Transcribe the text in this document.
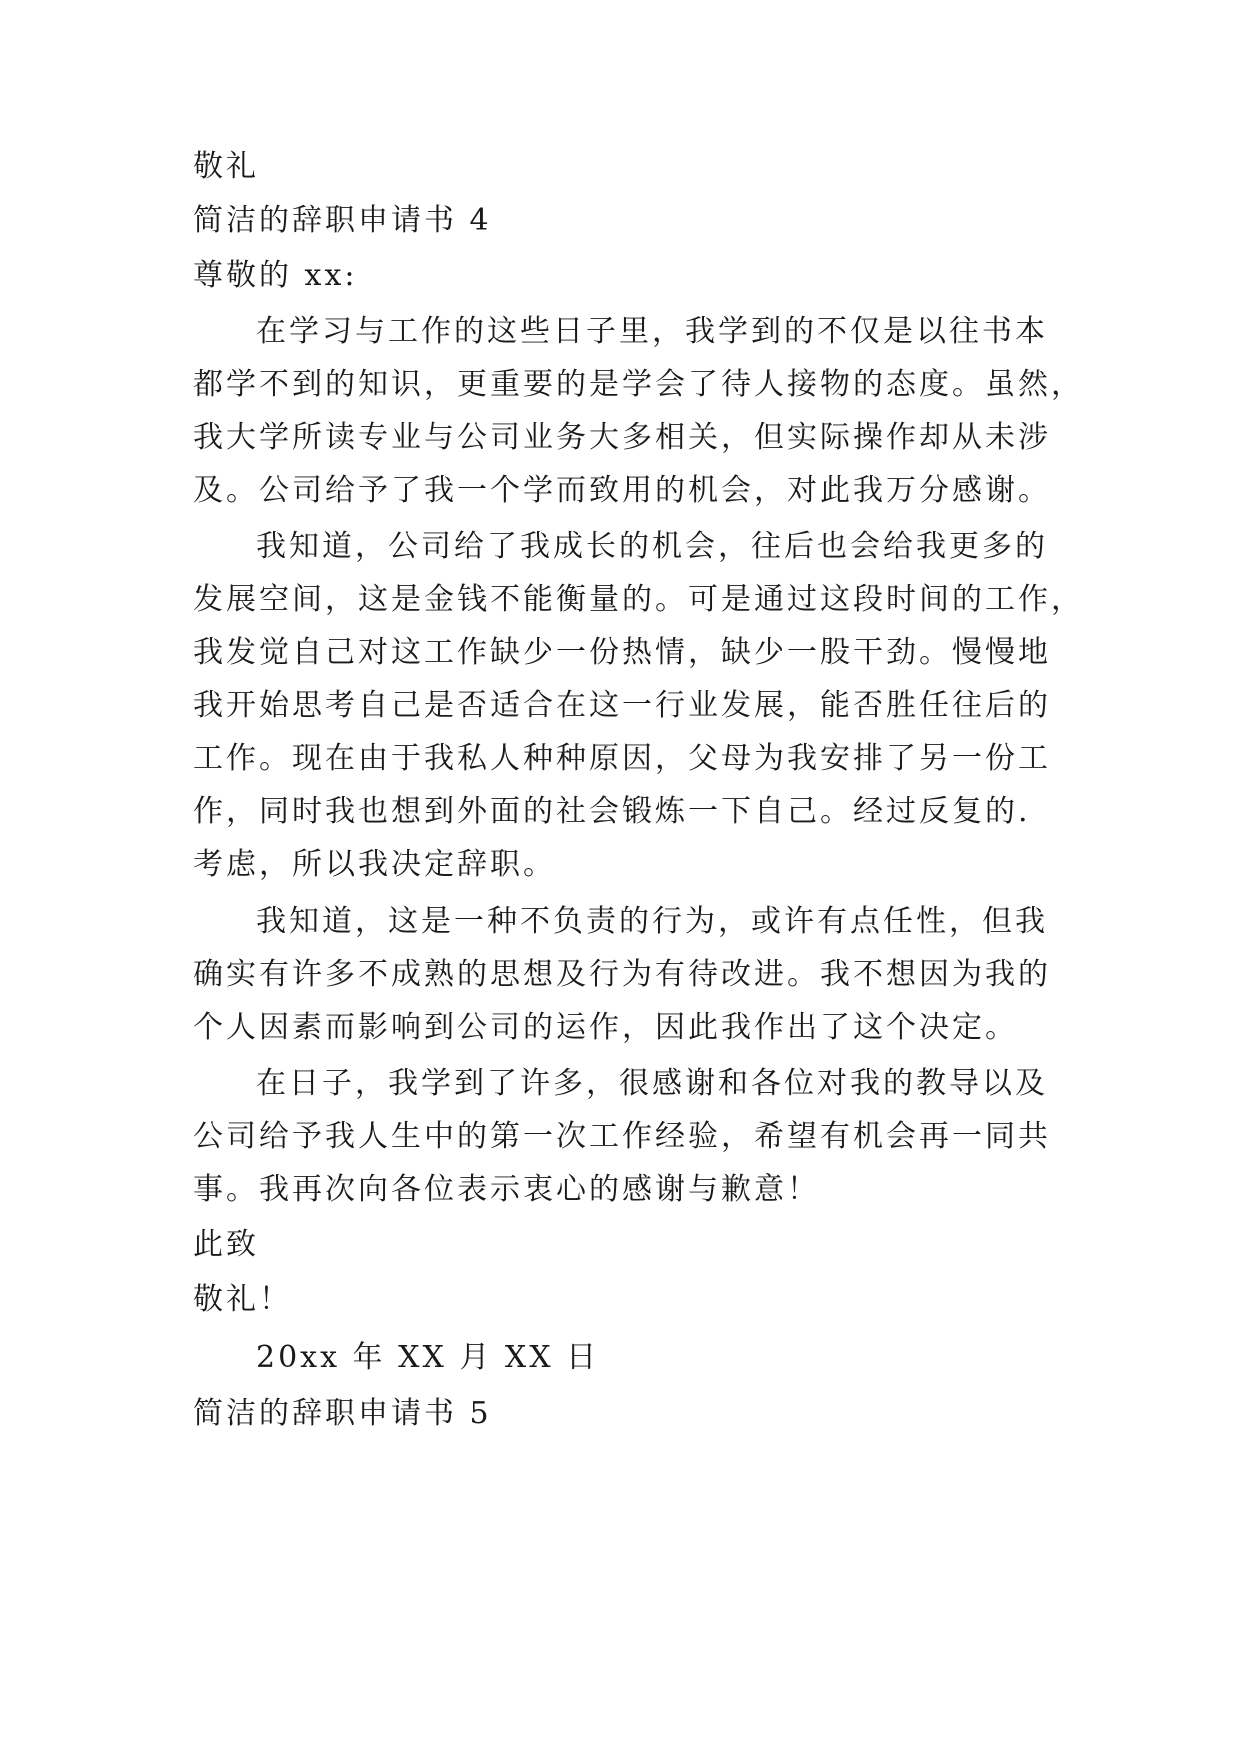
敬礼
简洁的辞职申请书 4
尊敬的 xx:
在学习与工作的这些日子里，我学到的不仅是以往书本
都学不到的知识，更重要的是学会了待人接物的态度。虽然，
我大学所读专业与公司业务大多相关，但实际操作却从未涉
及。公司给予了我一个学而致用的机会，对此我万分感谢。
我知道，公司给了我成长的机会，往后也会给我更多的
发展空间，这是金钱不能衡量的。可是通过这段时间的工作，
我发觉自己对这工作缺少一份热情，缺少一股干劲。慢慢地
我开始思考自己是否适合在这一行业发展，能否胜任往后的
工作。现在由于我私人种种原因，父母为我安排了另一份工
作，同时我也想到外面的社会锻炼一下自己。经过反复的.
考虑，所以我决定辞职。
我知道，这是一种不负责的行为，或许有点任性，但我
确实有许多不成熟的思想及行为有待改进。我不想因为我的
个人因素而影响到公司的运作，因此我作出了这个决定。
在日子，我学到了许多，很感谢和各位对我的教导以及
公司给予我人生中的第一次工作经验，希望有机会再一同共
事。我再次向各位表示衷心的感谢与歉意！
此致
敬礼！
20xx 年 XX 月 XX 日
简洁的辞职申请书 5
